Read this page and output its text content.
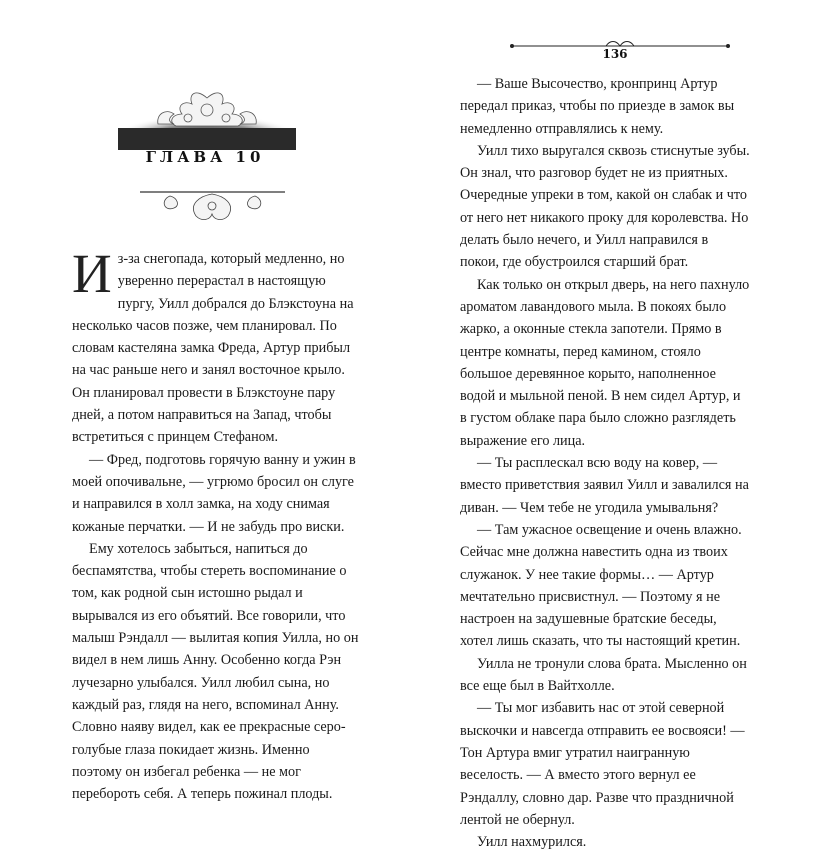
ГЛАВА 10
И з-за снегопада, который медленно, но уверенно перерастал в настоящую пургу, Уилл добрался до Блэкстоуна на несколько часов позже, чем планировал. По словам кастеляна замка Фреда, Артур прибыл на час раньше него и занял восточное крыло. Он планировал провести в Блэкстоуне пару дней, а потом направиться на Запад, чтобы встретиться с принцем Стефаном.

— Фред, подготовь горячую ванну и ужин в моей опочивальне, — угрюмо бросил он слуге и направился в холл замка, на ходу снимая кожаные перчатки. — И не забудь про виски.

Ему хотелось забыться, напиться до беспамятства, чтобы стереть воспоминание о том, как родной сын истошно рыдал и вырывался из его объятий. Все говорили, что малыш Рэндалл — вылитая копия Уилла, но он видел в нем лишь Анну. Особенно когда Рэн лучезарно улыбался. Уилл любил сына, но каждый раз, глядя на него, вспоминал Анну. Словно наяву видел, как ее прекрасные серо-голубые глаза покидает жизнь. Именно поэтому он избегал ребенка — не мог перебороть себя. А теперь пожинал плоды.

136

— Ваше Высочество, кронпринц Артур передал приказ, чтобы по приезде в замок вы немедленно отправлялись к нему.

Уилл тихо выругался сквозь стиснутые зубы. Он знал, что разговор будет не из приятных. Очередные упреки в том, какой он слабак и что от него нет никакого проку для королевства. Но делать было нечего, и Уилл направился в покои, где обустроился старший брат.

Как только он открыл дверь, на него пахнуло ароматом лавандового мыла. В покоях было жарко, а оконные стекла запотели. Прямо в центре комнаты, перед камином, стояло большое деревянное корыто, наполненное водой и мыльной пеной. В нем сидел Артур, и в густом облаке пара было сложно разглядеть выражение его лица.

— Ты расплескал всю воду на ковер, — вместо приветствия заявил Уилл и завалился на диван. — Чем тебе не угодила умывальня?

— Там ужасное освещение и очень влажно. Сейчас мне должна навестить одна из твоих служанок. У нее такие формы… — Артур мечтательно присвистнул. — Поэтому я не настроен на задушевные братские беседы, хотел лишь сказать, что ты настоящий кретин.

Уилла не тронули слова брата. Мысленно он все еще был в Вайтхолле.

— Ты мог избавить нас от этой северной выскочки и навсегда отправить ее восвояси! — Тон Артура вмиг утратил наигранную веселость. — А вместо этого вернул ее Рэндаллу, словно дар. Разве что праздничной лентой не обернул.

Уилл нахмурился.
